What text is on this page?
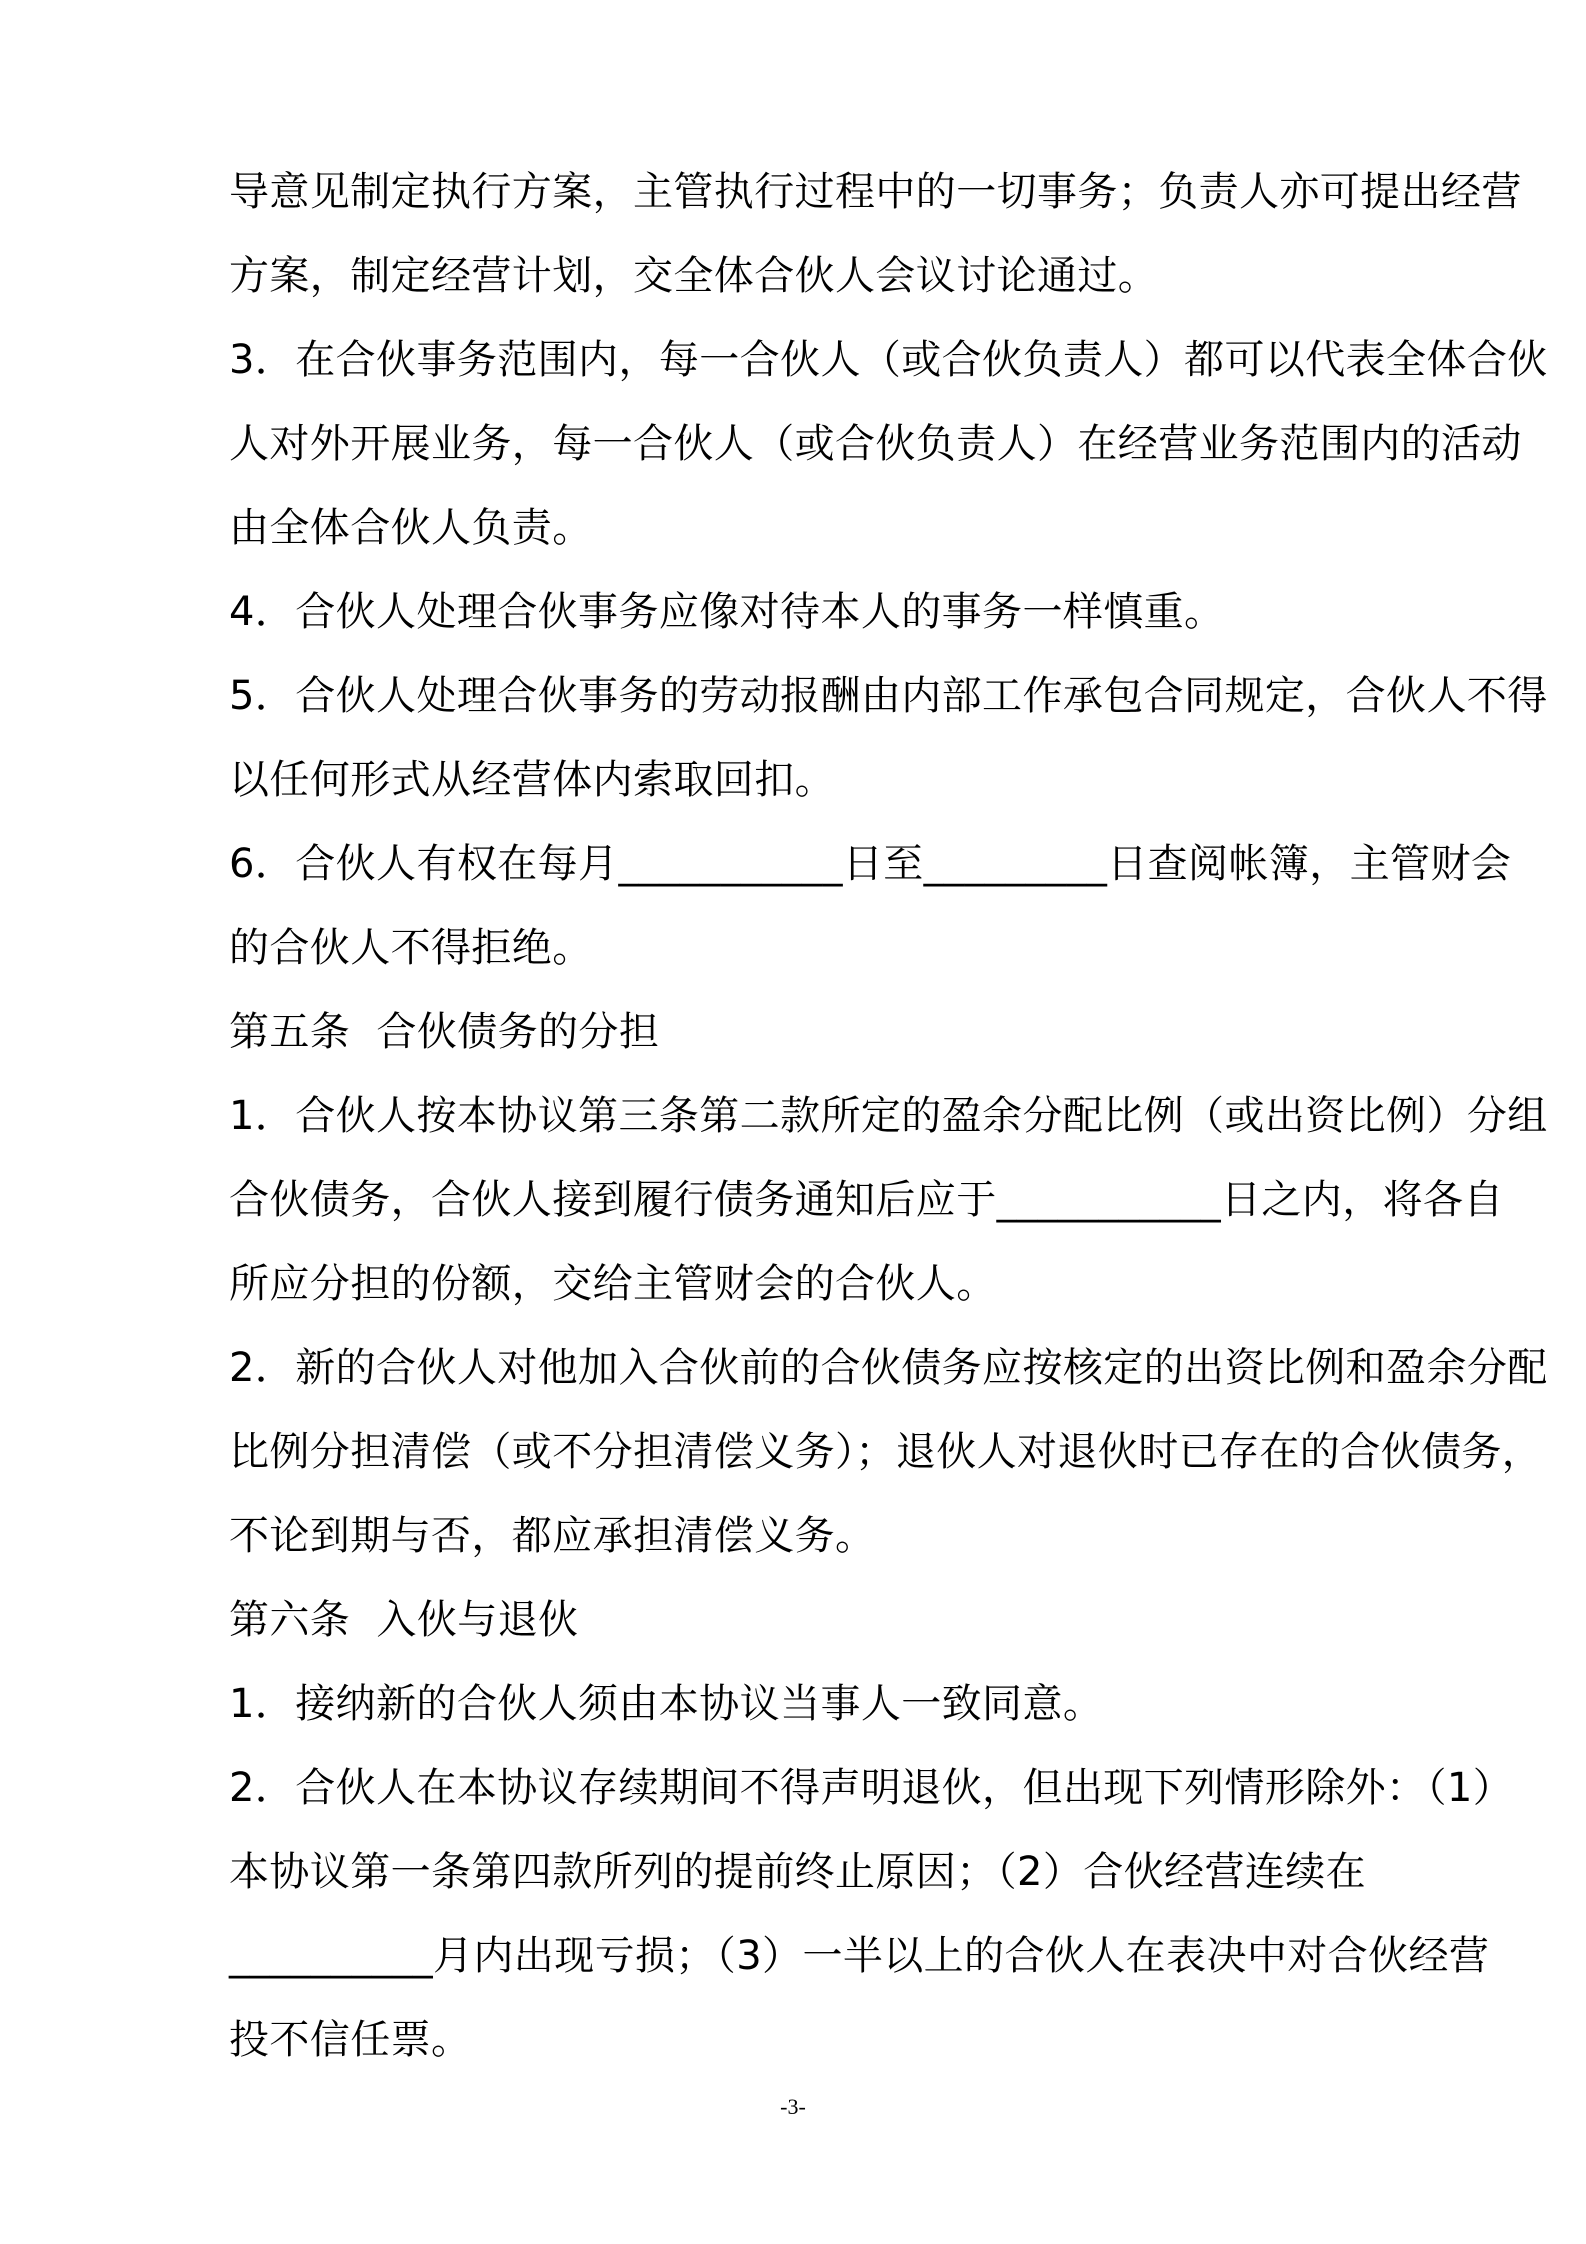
导意见制定执行方案，主管执行过程中的一切事务；负责人亦可提出经营
方案，制定经营计划，交全体合伙人会议讨论通过。
3．在合伙事务范围内，每一合伙人（或合伙负责人）都可以代表全体合伙
人对外开展业务，每一合伙人（或合伙负责人）在经营业务范围内的活动
由全体合伙人负责。
4．合伙人处理合伙事务应像对待本人的事务一样慎重。
5．合伙人处理合伙事务的劳动报酬由内部工作承包合同规定，合伙人不得
以任何形式从经营体内索取回扣。
6．合伙人有权在每月___________日至_________日查阅帐簿，主管财会
的合伙人不得拒绝。
第五条  合伙债务的分担
1．合伙人按本协议第三条第二款所定的盈余分配比例（或出资比例）分组
合伙债务，合伙人接到履行债务通知后应于___________日之内，将各自
所应分担的份额，交给主管财会的合伙人。
2．新的合伙人对他加入合伙前的合伙债务应按核定的出资比例和盈余分配
比例分担清偿（或不分担清偿义务）；退伙人对退伙时已存在的合伙债务，
不论到期与否，都应承担清偿义务。
第六条  入伙与退伙
1．接纳新的合伙人须由本协议当事人一致同意。
2．合伙人在本协议存续期间不得声明退伙，但出现下列情形除外：（1）
本协议第一条第四款所列的提前终止原因；（2）合伙经营连续在
__________月内出现亏损；（3）一半以上的合伙人在表决中对合伙经营
投不信任票。
-3-
